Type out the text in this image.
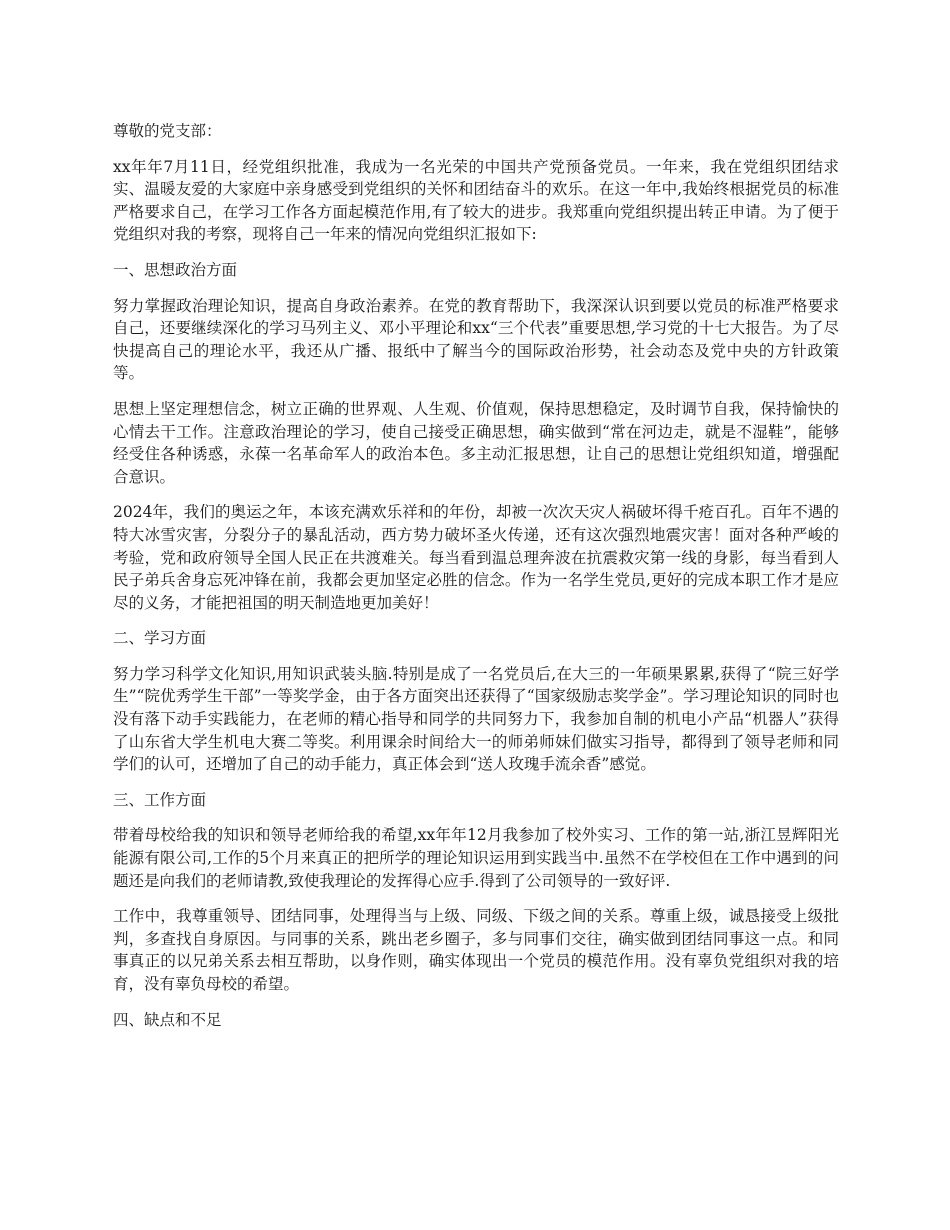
尊敬的党支部：

xx年年7月11日，经党组织批准，我成为一名光荣的中国共产党预备党员。一年来，我在党组织团结求实、温暖友爱的大家庭中亲身感受到党组织的关怀和团结奋斗的欢乐。在这一年中,我始终根据党员的标准严格要求自己，在学习工作各方面起模范作用,有了较大的进步。我郑重向党组织提出转正申请。为了便于党组织对我的考察，现将自己一年来的情况向党组织汇报如下:

一、思想政治方面

努力掌握政治理论知识，提高自身政治素养。在党的教育帮助下，我深深认识到要以党员的标准严格要求自己，还要继续深化的学习马列主义、邓小平理论和xx“三个代表”重要思想,学习党的十七大报告。为了尽快提高自己的理论水平，我还从广播、报纸中了解当今的国际政治形势，社会动态及党中央的方针政策等。

思想上坚定理想信念，树立正确的世界观、人生观、价值观，保持思想稳定，及时调节自我，保持愉快的心情去干工作。注意政治理论的学习，使自己接受正确思想，确实做到“常在河边走，就是不湿鞋”，能够经受住各种诱惑，永葆一名革命军人的政治本色。多主动汇报思想，让自己的思想让党组织知道，增强配合意识。

2024年，我们的奥运之年，本该充满欢乐祥和的年份，却被一次次天灾人祸破坏得千疮百孔。百年不遇的特大冰雪灾害，分裂分子的暴乱活动，西方势力破坏圣火传递，还有这次强烈地震灾害！面对各种严峻的考验，党和政府领导全国人民正在共渡难关。每当看到温总理奔波在抗震救灾第一线的身影，每当看到人民子弟兵舍身忘死冲锋在前，我都会更加坚定必胜的信念。作为一名学生党员,更好的完成本职工作才是应尽的义务，才能把祖国的明天制造地更加美好！

二、学习方面

努力学习科学文化知识,用知识武装头脑.特别是成了一名党员后,在大三的一年硕果累累,获得了“院三好学生”“院优秀学生干部”一等奖学金，由于各方面突出还获得了“国家级励志奖学金”。学习理论知识的同时也没有落下动手实践能力，在老师的精心指导和同学的共同努力下，我参加自制的机电小产品“机器人”获得了山东省大学生机电大赛二等奖。利用课余时间给大一的师弟师妹们做实习指导，都得到了领导老师和同学们的认可，还增加了自己的动手能力，真正体会到“送人玫瑰手流余香”感觉。

三、工作方面

带着母校给我的知识和领导老师给我的希望,xx年年12月我参加了校外实习、工作的第一站,浙江昱辉阳光能源有限公司,工作的5个月来真正的把所学的理论知识运用到实践当中.虽然不在学校但在工作中遇到的问题还是向我们的老师请教,致使我理论的发挥得心应手.得到了公司领导的一致好评.

工作中，我尊重领导、团结同事，处理得当与上级、同级、下级之间的关系。尊重上级，诚恳接受上级批判，多查找自身原因。与同事的关系，跳出老乡圈子，多与同事们交往，确实做到团结同事这一点。和同事真正的以兄弟关系去相互帮助，以身作则，确实体现出一个党员的模范作用。没有辜负党组织对我的培育，没有辜负母校的希望。

四、缺点和不足
